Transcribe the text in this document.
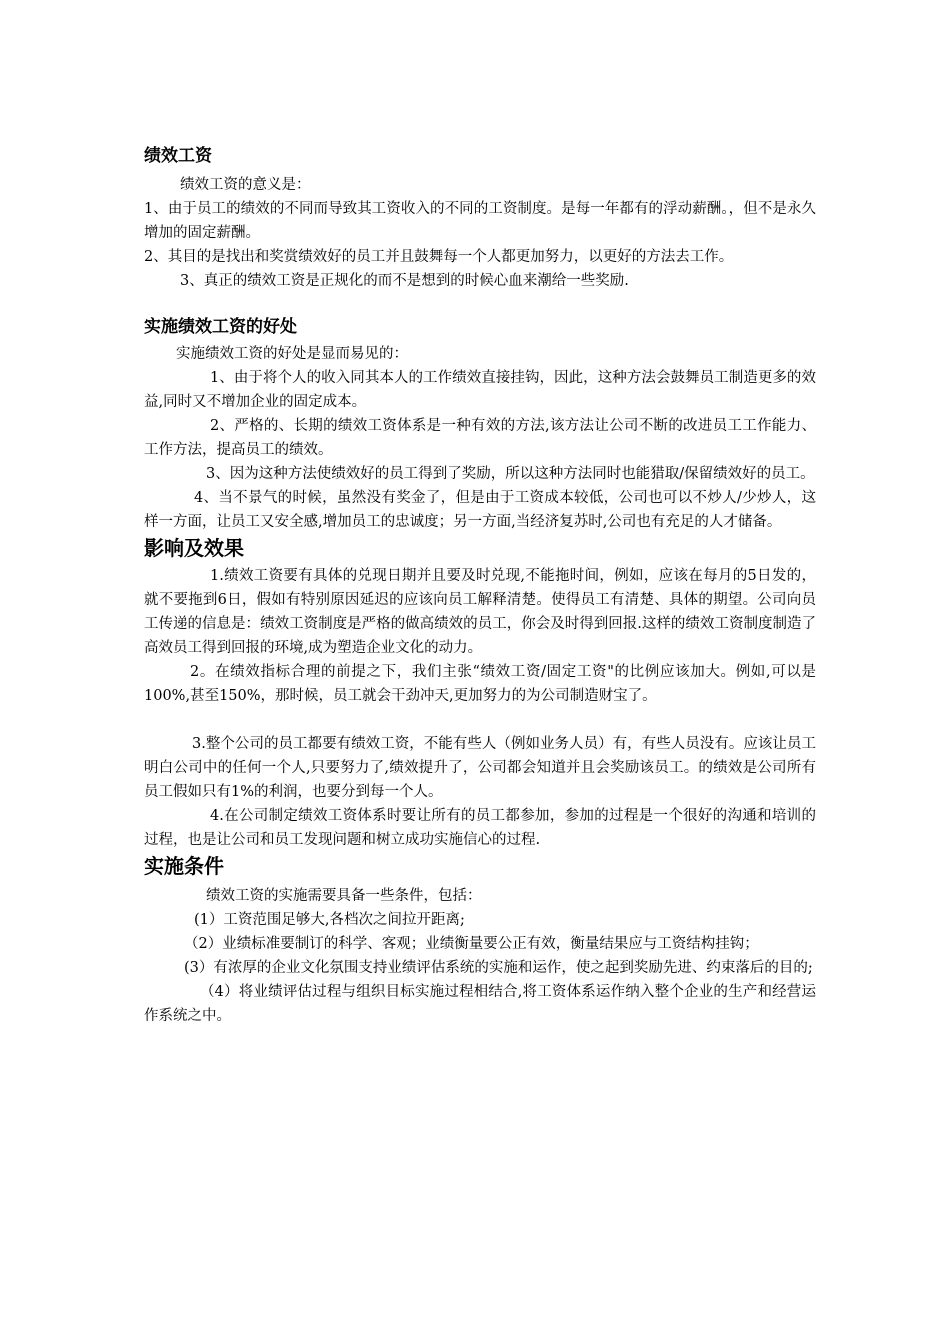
绩效工资

绩效工资的意义是：

1、由于员工的绩效的不同而导致其工资收入的不同的工资制度。是每一年都有的浮动薪酬。，但不是永久增加的固定薪酬。

2、其目的是找出和奖赏绩效好的员工并且鼓舞每一个人都更加努力，以更好的方法去工作。

3、真正的绩效工资是正规化的而不是想到的时候心血来潮给一些奖励.

实施绩效工资的好处

实施绩效工资的好处是显而易见的：

1、由于将个人的收入同其本人的工作绩效直接挂钩，因此，这种方法会鼓舞员工制造更多的效益,同时又不增加企业的固定成本。

2、严格的、长期的绩效工资体系是一种有效的方法,该方法让公司不断的改进员工工作能力、工作方法，提高员工的绩效。

3、因为这种方法使绩效好的员工得到了奖励，所以这种方法同时也能猎取/保留绩效好的员工。

4、当不景气的时候，虽然没有奖金了，但是由于工资成本较低，公司也可以不炒人/少炒人，这样一方面，让员工又安全感,增加员工的忠诚度；另一方面,当经济复苏时,公司也有充足的人才储备。

影响及效果

1.绩效工资要有具体的兑现日期并且要及时兑现,不能拖时间，例如，应该在每月的5日发的，就不要拖到6日，假如有特别原因延迟的应该向员工解释清楚。使得员工有清楚、具体的期望。公司向员工传递的信息是：绩效工资制度是严格的做高绩效的员工，你会及时得到回报.这样的绩效工资制度制造了高效员工得到回报的环境,成为塑造企业文化的动力。

2。在绩效指标合理的前提之下，我们主张“绩效工资/固定工资"的比例应该加大。例如,可以是100%,甚至150%，那时候，员工就会干劲冲天,更加努力的为公司制造财宝了。

3.整个公司的员工都要有绩效工资，不能有些人（例如业务人员）有，有些人员没有。应该让员工明白公司中的任何一个人,只要努力了,绩效提升了，公司都会知道并且会奖励该员工。的绩效是公司所有员工假如只有1%的利润，也要分到每一个人。

4.在公司制定绩效工资体系时要让所有的员工都参加，参加的过程是一个很好的沟通和培训的过程，也是让公司和员工发现问题和树立成功实施信心的过程.

实施条件

绩效工资的实施需要具备一些条件，包括：

(1）工资范围足够大,各档次之间拉开距离;

（2）业绩标准要制订的科学、客观；业绩衡量要公正有效，衡量结果应与工资结构挂钩；

(3）有浓厚的企业文化氛围支持业绩评估系统的实施和运作，使之起到奖励先进、约束落后的目的;

（4）将业绩评估过程与组织目标实施过程相结合,将工资体系运作纳入整个企业的生产和经营运作系统之中。
